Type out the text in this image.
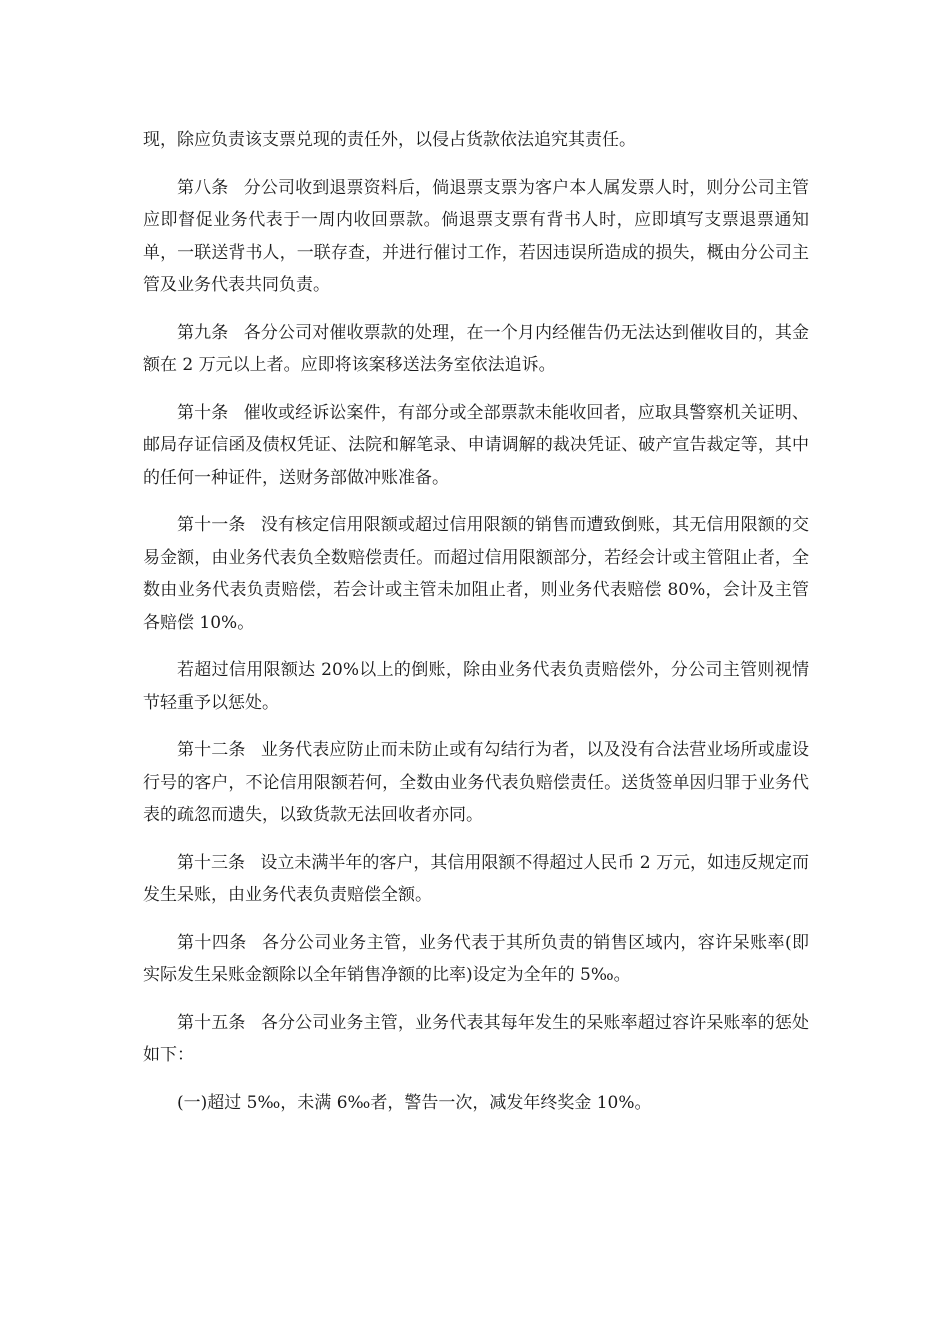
现，除应负责该支票兑现的责任外，以侵占货款依法追究其责任。

第八条 分公司收到退票资料后，倘退票支票为客户本人属发票人时，则分公司主管应即督促业务代表于一周内收回票款。倘退票支票有背书人时，应即填写支票退票通知单，一联送背书人，一联存查，并进行催讨工作，若因违误所造成的损失，概由分公司主管及业务代表共同负责。

第九条 各分公司对催收票款的处理，在一个月内经催告仍无法达到催收目的，其金额在 2 万元以上者。应即将该案移送法务室依法追诉。

第十条 催收或经诉讼案件，有部分或全部票款未能收回者，应取具警察机关证明、邮局存证信函及债权凭证、法院和解笔录、申请调解的裁决凭证、破产宣告裁定等，其中的任何一种证件，送财务部做冲账准备。

第十一条 没有核定信用限额或超过信用限额的销售而遭致倒账，其无信用限额的交易金额，由业务代表负全数赔偿责任。而超过信用限额部分，若经会计或主管阻止者，全数由业务代表负责赔偿，若会计或主管未加阻止者，则业务代表赔偿 80%，会计及主管各赔偿 10%。

若超过信用限额达 20%以上的倒账，除由业务代表负责赔偿外，分公司主管则视情节轻重予以惩处。

第十二条 业务代表应防止而未防止或有勾结行为者，以及没有合法营业场所或虚设行号的客户，不论信用限额若何，全数由业务代表负赔偿责任。送货签单因归罪于业务代表的疏忽而遗失，以致货款无法回收者亦同。

第十三条 设立未满半年的客户，其信用限额不得超过人民币 2 万元，如违反规定而发生呆账，由业务代表负责赔偿全额。

第十四条 各分公司业务主管，业务代表于其所负责的销售区域内，容许呆账率(即实际发生呆账金额除以全年销售净额的比率)设定为全年的 5‰。

第十五条 各分公司业务主管，业务代表其每年发生的呆账率超过容许呆账率的惩处如下：

(一)超过 5‰，未满 6‰者，警告一次，减发年终奖金 10%。
